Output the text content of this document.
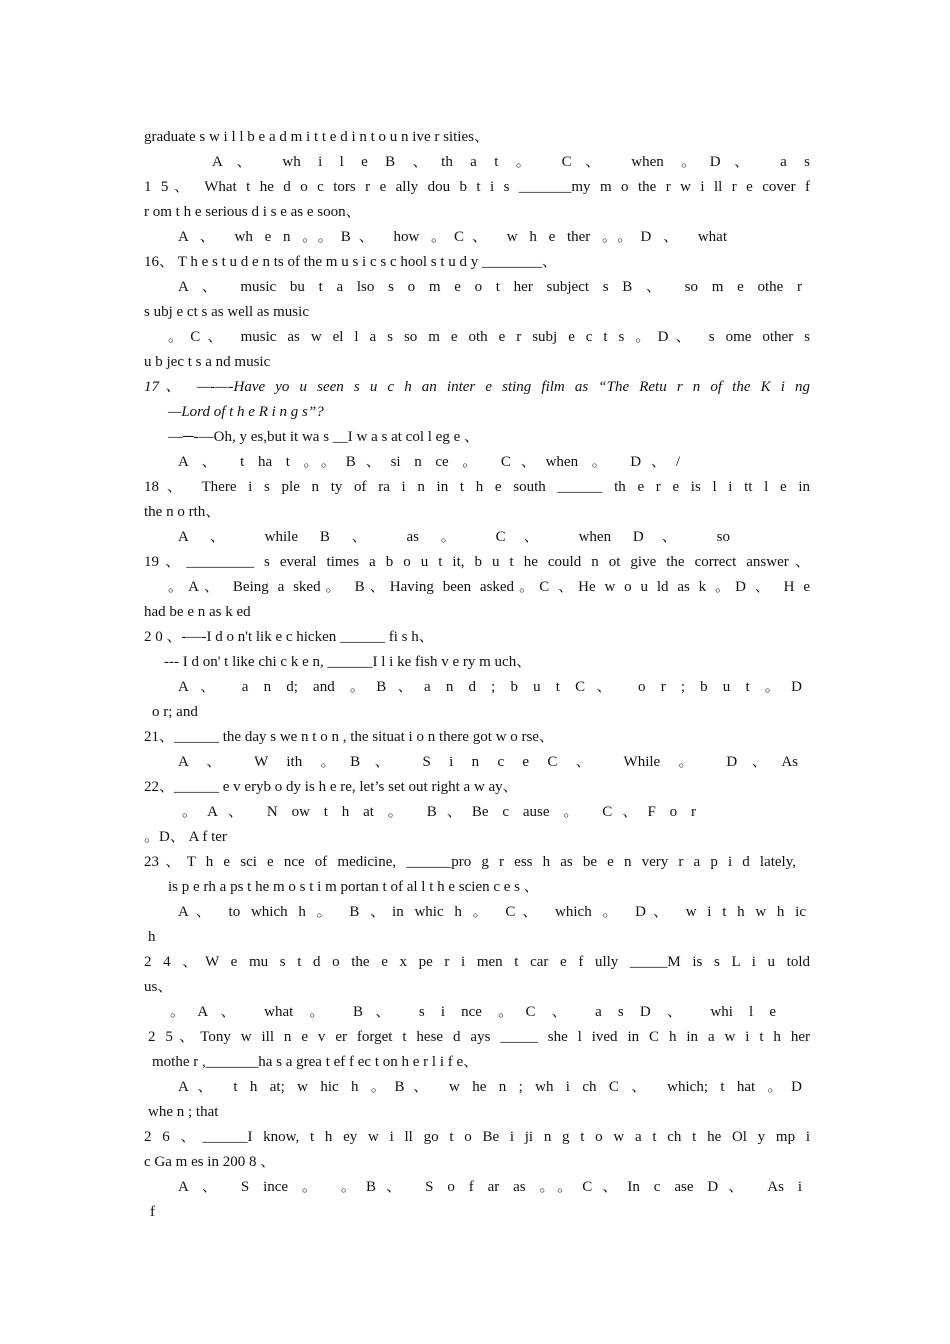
graduate s w i l l b e a d m i t t e d i n t o u n ive r sities、
A、 wh i l e B 、th a t 。 C、 when 。D、 a s
1 5、 What t he d o c tors r e ally dou b t i s _______my m o the r w i ll r e cover f
r om t h e serious d i s e as e soon、
A 、 wh e n 。。B、 how 。C、 w h e ther 。。D 、 what
16、 T h e s t u d e n ts of the m u s i c s c hool s t u d y ________、
A 、 music bu t a lso s o m e o t her subject s B 、 so m e othe r
s ubj e ct s as well as music
。C、 music as w el l a s so m e oth e r subj e c t s 。D、 s ome other s
u b jec t s a nd music
17、 —-—-Have yo u seen s u c h an inter e sting film as “The Retu r n of the K i ng
—Lord of t h e R i n g s”?
—─-—Oh, y es,but it wa s __I w a s at col l eg e 、
A 、 t ha t 。。B、si n ce 。 C、when 。 D、/
18、 There i s ple n ty of ra i n in t h e south ______ th e r e is l i tt l e in
the n o rth、
A 、 while B 、 as 。 C、 when D、 so
19、_________ s everal times a b o u t it, b u t he could n ot give the correct answer、
。A、 Being a sked。 B、Having been asked。C 、He w o u ld as k 。D 、 H e
had be e n as k ed
2 0 、-—-I d o n't lik e c hicken ______ fi s h、
--- I d on' t like chi c k e n, ______I l i ke fish v e ry m uch、
A、 a n d; and 。B、a n d ; b u t C、 o r ; b u t 。D
o r; and
21、______ the day s we n t o n , the situat i o n there got w o rse、
A 、 W ith 。B、 S i n c e C 、 While 。 D、As
22、______ e v eryb o dy is h e re, let’s set out right a w ay、
。A、 N ow t h at 。 B、Be c ause 。 C、F o r
。D、 A f ter
23、T h e sci e nce of medicine, ______pro g r ess h as be e n very r a p i d lately,
is p e rh a ps t he m o s t i m portan t of al l t h e scien c e s 、
A、 to which h 。 B 、in whic h 。 C、 which 。 D、 w i t h w h ic
h
2 4 、W e mu s t d o the e x pe r i men t car e f ully _____M is s L i u told
us、
。A、 what 。 B、 s i nce 。C 、 a s D 、 whi l e
2 5、Tony w ill n e v er forget t hese d ays _____ she l ived in C h in a w i t h her
mothe r ,_______ha s a grea t ef f ec t on h e r l i f e、
A、 t h at; w hic h 。B、 w he n ; wh i ch C 、 which; t hat 。D
whe n ; that
2 6 、______I know, t h ey w i ll go t o Be i ji n g t o w a t ch t he Ol y mp i
c Ga m es in 200 8 、
A 、 S ince 。 。B、 S o f ar as 。。C、In c ase D、 As i
f
